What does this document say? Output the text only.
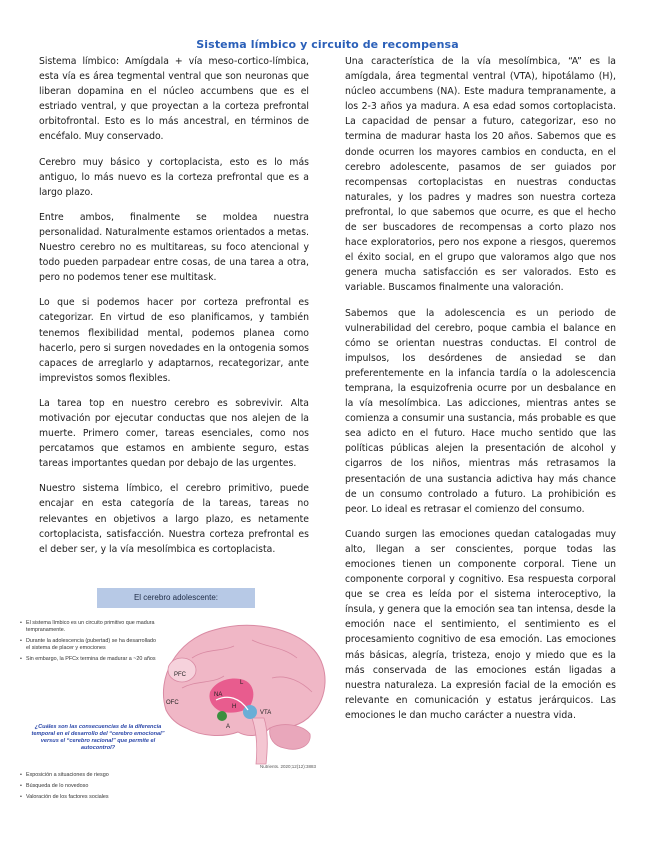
Sistema límbico y circuito de recompensa

Sistema límbico: Amígdala + vía meso-cortico-límbica, esta vía es área tegmental ventral que son neuronas que liberan dopamina en el núcleo accumbens que es el estriado ventral, y que proyectan a la corteza prefrontal orbitofrontal. Esto es lo más ancestral, en términos de encéfalo. Muy conservado.

Cerebro muy básico y cortoplacista, esto es lo más antiguo, lo más nuevo es la corteza prefrontal que es a largo plazo.

Entre ambos, finalmente se moldea nuestra personalidad. Naturalmente estamos orientados a metas. Nuestro cerebro no es multitareas, su foco atencional y todo pueden parpadear entre cosas, de una tarea a otra, pero no podemos tener ese multitask.

Lo que si podemos hacer por corteza prefrontal es categorizar. En virtud de eso planificamos, y también tenemos flexibilidad mental, podemos planea como hacerlo, pero si surgen novedades en la ontogenia somos capaces de arreglarlo y adaptarnos, recategorizar, ante imprevistos somos flexibles.

La tarea top en nuestro cerebro es sobrevivir. Alta motivación por ejecutar conductas que nos alejen de la muerte. Primero comer, tareas esenciales, como nos percatamos que estamos en ambiente seguro, estas tareas importantes quedan por debajo de las urgentes.

Nuestro sistema límbico, el cerebro primitivo, puede encajar en esta categoría de la tareas, tareas no relevantes en objetivos a largo plazo, es netamente cortoplacista, satisfacción. Nuestra corteza prefrontal es el deber ser, y la vía mesolímbica es cortoplacista.

Una característica de la vía mesolímbica, “A” es la amígdala, área tegmental ventral (VTA), hipotálamo (H), núcleo accumbens (NA). Este madura tempranamente, a los 2-3 años ya madura. A esa edad somos cortoplacista. La capacidad de pensar a futuro, categorizar, eso no termina de madurar hasta los 20 años. Sabemos que es donde ocurren los mayores cambios en conducta, en el cerebro adolescente, pasamos de ser guiados por recompensas cortoplacistas en nuestras conductas naturales, y los padres y madres son nuestra corteza prefrontal, lo que sabemos que ocurre, es que el hecho de ser buscadores de recompensas a corto plazo nos hace exploratorios, pero nos expone a riesgos, queremos el éxito social, en el grupo que valoramos algo que nos genera mucha satisfacción es ser valorados. Esto es variable. Buscamos finalmente una valoración.

Sabemos que la adolescencia es un periodo de vulnerabilidad del cerebro, poque cambia el balance en cómo se orientan nuestras conductas. El control de impulsos, los desórdenes de ansiedad se dan preferentemente en la infancia tardía o la adolescencia temprana, la esquizofrenia ocurre por un desbalance en la vía mesolímbica. Las adicciones, mientras antes se comienza a consumir una sustancia, más probable es que sea adicto en el futuro. Hace mucho sentido que las políticas públicas alejen la presentación de alcohol y cigarros de los niños, mientras más retrasamos la presentación de una sustancia adictiva hay más chance de un consumo controlado a futuro. La prohibición es peor. Lo ideal es retrasar el comienzo del consumo.

Cuando surgen las emociones quedan catalogadas muy alto, llegan a ser conscientes, porque todas las emociones tienen un componente corporal. Tiene un componente corporal y cognitivo. Esa respuesta corporal que se crea es leída por el sistema interoceptivo, la ínsula, y genera que la emoción sea tan intensa, desde la emoción nace el sentimiento, el sentimiento es el procesamiento cognitivo de esa emoción. Las emociones más básicas, alegría, tristeza, enojo y miedo que es la más conservada de las emociones están ligadas a nuestra naturaleza. La expresión facial de la emoción es relevante en comunicación y estatus jerárquicos. Las emociones le dan mucho carácter a nuestra vida.

El cerebro adolescente:
• El sistema límbico es un circuito primitivo que madura tempranamente.
• Durante la adolescencia (pubertad) se ha desarrollado el sistema de placer y emociones
• Sin embargo, la PFCx termina de madurar a ~20 años
¿Cuáles son las consecuencias de la diferencia temporal en el desarrollo del “cerebro emocional” versus el “cerebro racional” que permite el autocontrol?
• Exposición a situaciones de riesgo
• Búsqueda de lo novedoso
• Valoración de los factores sociales
Nutrients. 2020;12(12):3883
PFC
OFC
NA
H
A
L
VTA
